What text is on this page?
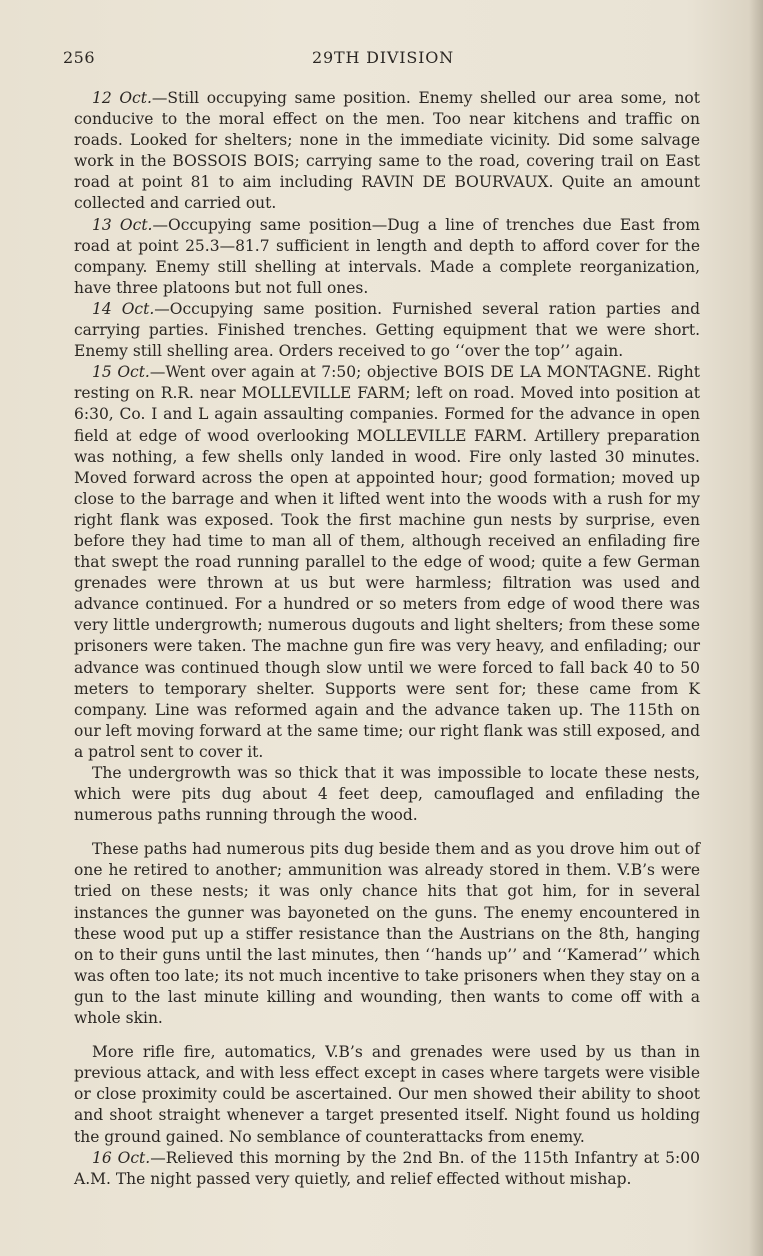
256	29TH DIVISION

12 Oct.—Still occupying same position. Enemy shelled our area some, not conducive to the moral effect on the men. Too near kitchens and traffic on roads. Looked for shelters; none in the immediate vicinity. Did some salvage work in the BOSSOIS BOIS; carrying same to the road, covering trail on East road at point 81 to aim including RAVIN DE BOURVAUX. Quite an amount collected and carried out.

13 Oct.—Occupying same position—Dug a line of trenches due East from road at point 25.3—81.7 sufficient in length and depth to afford cover for the company. Enemy still shelling at intervals. Made a complete reorganization, have three platoons but not full ones.

14 Oct.—Occupying same position. Furnished several ration parties and carrying parties. Finished trenches. Getting equipment that we were short. Enemy still shelling area. Orders received to go ‘‘over the top’’ again.

15 Oct.—Went over again at 7:50; objective BOIS DE LA MONTAGNE. Right resting on R.R. near MOLLEVILLE FARM; left on road. Moved into position at 6:30, Co. I and L again assaulting companies. Formed for the advance in open field at edge of wood overlooking MOLLEVILLE FARM. Artillery preparation was nothing, a few shells only landed in wood. Fire only lasted 30 minutes. Moved forward across the open at appointed hour; good formation; moved up close to the barrage and when it lifted went into the woods with a rush for my right flank was exposed. Took the first machine gun nests by surprise, even before they had time to man all of them, although received an enfilading fire that swept the road running parallel to the edge of wood; quite a few German grenades were thrown at us but were harmless; filtration was used and advance continued. For a hundred or so meters from edge of wood there was very little undergrowth; numerous dugouts and light shelters; from these some prisoners were taken. The machne gun fire was very heavy, and enfilading; our advance was continued though slow until we were forced to fall back 40 to 50 meters to temporary shelter. Supports were sent for; these came from K company. Line was reformed again and the advance taken up. The 115th on our left moving forward at the same time; our right flank was still exposed, and a patrol sent to cover it.

The undergrowth was so thick that it was impossible to locate these nests, which were pits dug about 4 feet deep, camouflaged and enfilading the numerous paths running through the wood.

These paths had numerous pits dug beside them and as you drove him out of one he retired to another; ammunition was already stored in them. V.B’s were tried on these nests; it was only chance hits that got him, for in several instances the gunner was bayoneted on the guns. The enemy encountered in these wood put up a stiffer resistance than the Austrians on the 8th, hanging on to their guns until the last minutes, then ‘‘hands up’’ and ‘‘Kamerad’’ which was often too late; its not much incentive to take prisoners when they stay on a gun to the last minute killing and wounding, then wants to come off with a whole skin.

More rifle fire, automatics, V.B’s and grenades were used by us than in previous attack, and with less effect except in cases where targets were visible or close proximity could be ascertained. Our men showed their ability to shoot and shoot straight whenever a target presented itself. Night found us holding the ground gained. No semblance of counterattacks from enemy.

16 Oct.—Relieved this morning by the 2nd Bn. of the 115th Infantry at 5:00 A.M. The night passed very quietly, and relief effected without mishap.
